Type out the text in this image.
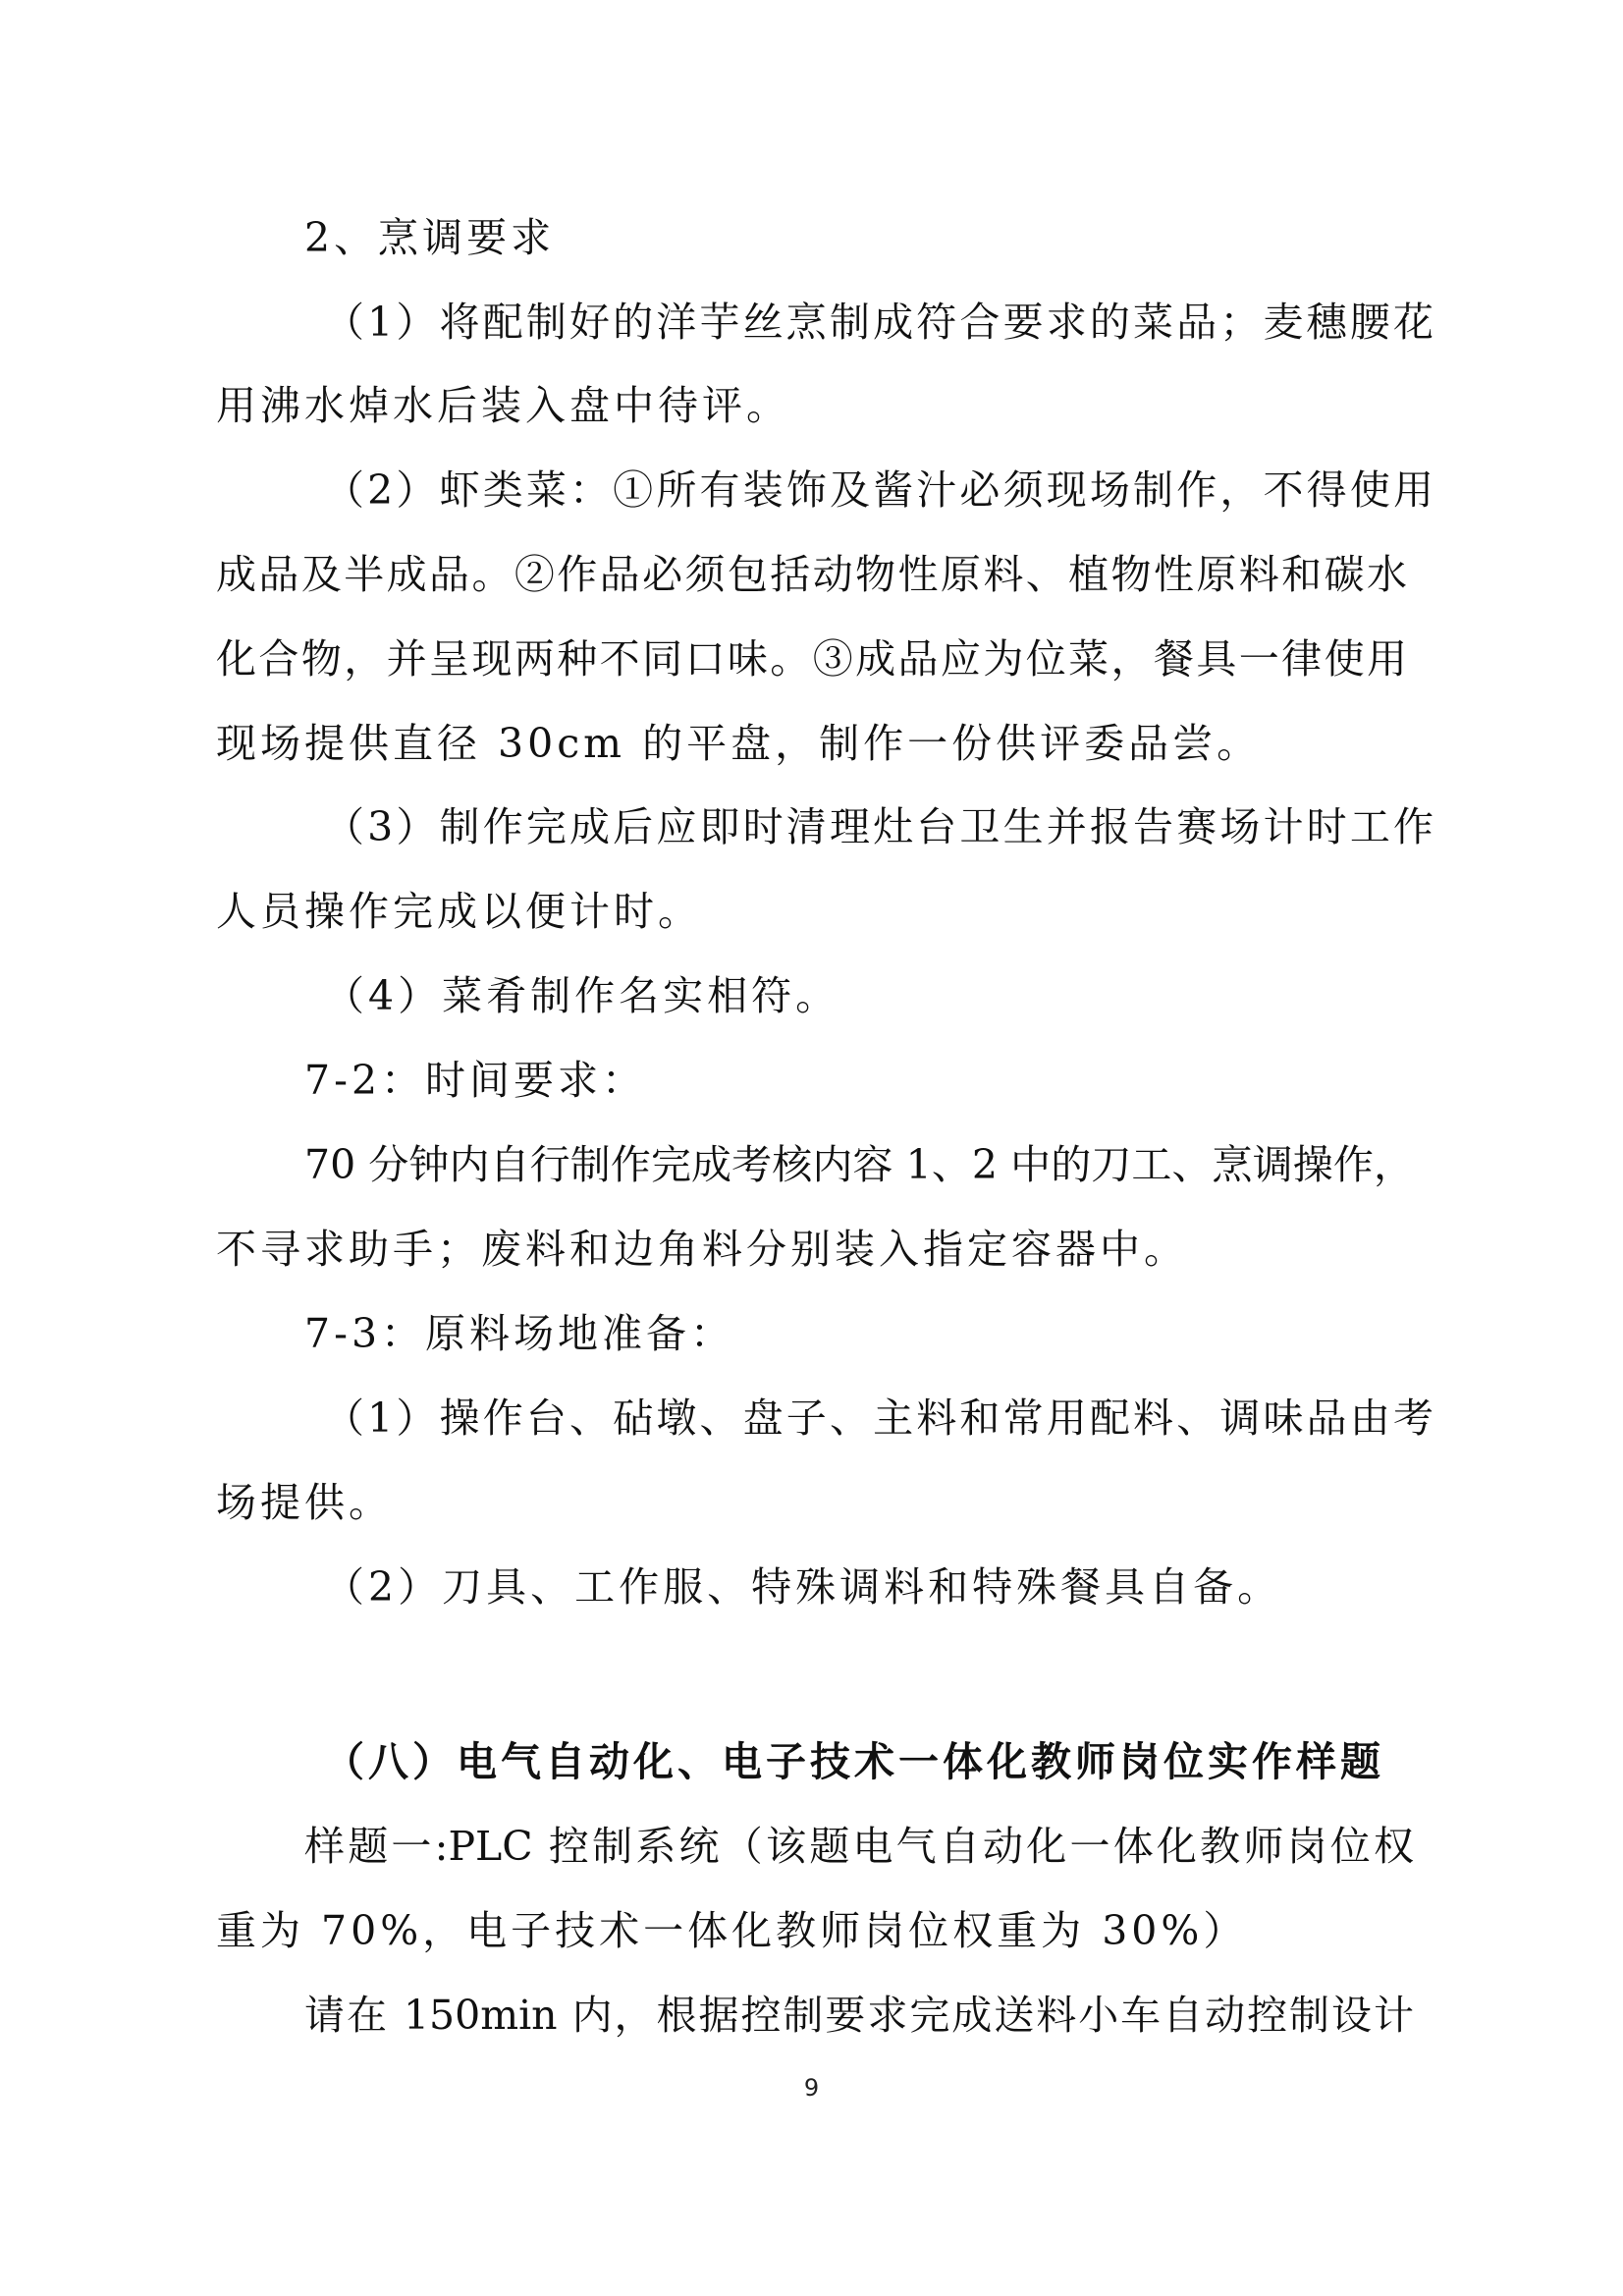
2、烹调要求
（1）将配制好的洋芋丝烹制成符合要求的菜品；麦穗腰花
用沸水焯水后装入盘中待评。
（2）虾类菜：①所有装饰及酱汁必须现场制作，不得使用
成品及半成品。②作品必须包括动物性原料、植物性原料和碳水
化合物，并呈现两种不同口味。③成品应为位菜，餐具一律使用
现场提供直径 30cm 的平盘，制作一份供评委品尝。
（3）制作完成后应即时清理灶台卫生并报告赛场计时工作
人员操作完成以便计时。
（4）菜肴制作名实相符。
7-2：时间要求：
70 分钟内自行制作完成考核内容 1、2 中的刀工、烹调操作，
不寻求助手；废料和边角料分别装入指定容器中。
7-3：原料场地准备：
（1）操作台、砧墩、盘子、主料和常用配料、调味品由考
场提供。
（2）刀具、工作服、特殊调料和特殊餐具自备。
（八）电气自动化、电子技术一体化教师岗位实作样题
样题一:PLC 控制系统（该题电气自动化一体化教师岗位权
重为 70%，电子技术一体化教师岗位权重为 30%）
请在 150min 内，根据控制要求完成送料小车自动控制设计
9
